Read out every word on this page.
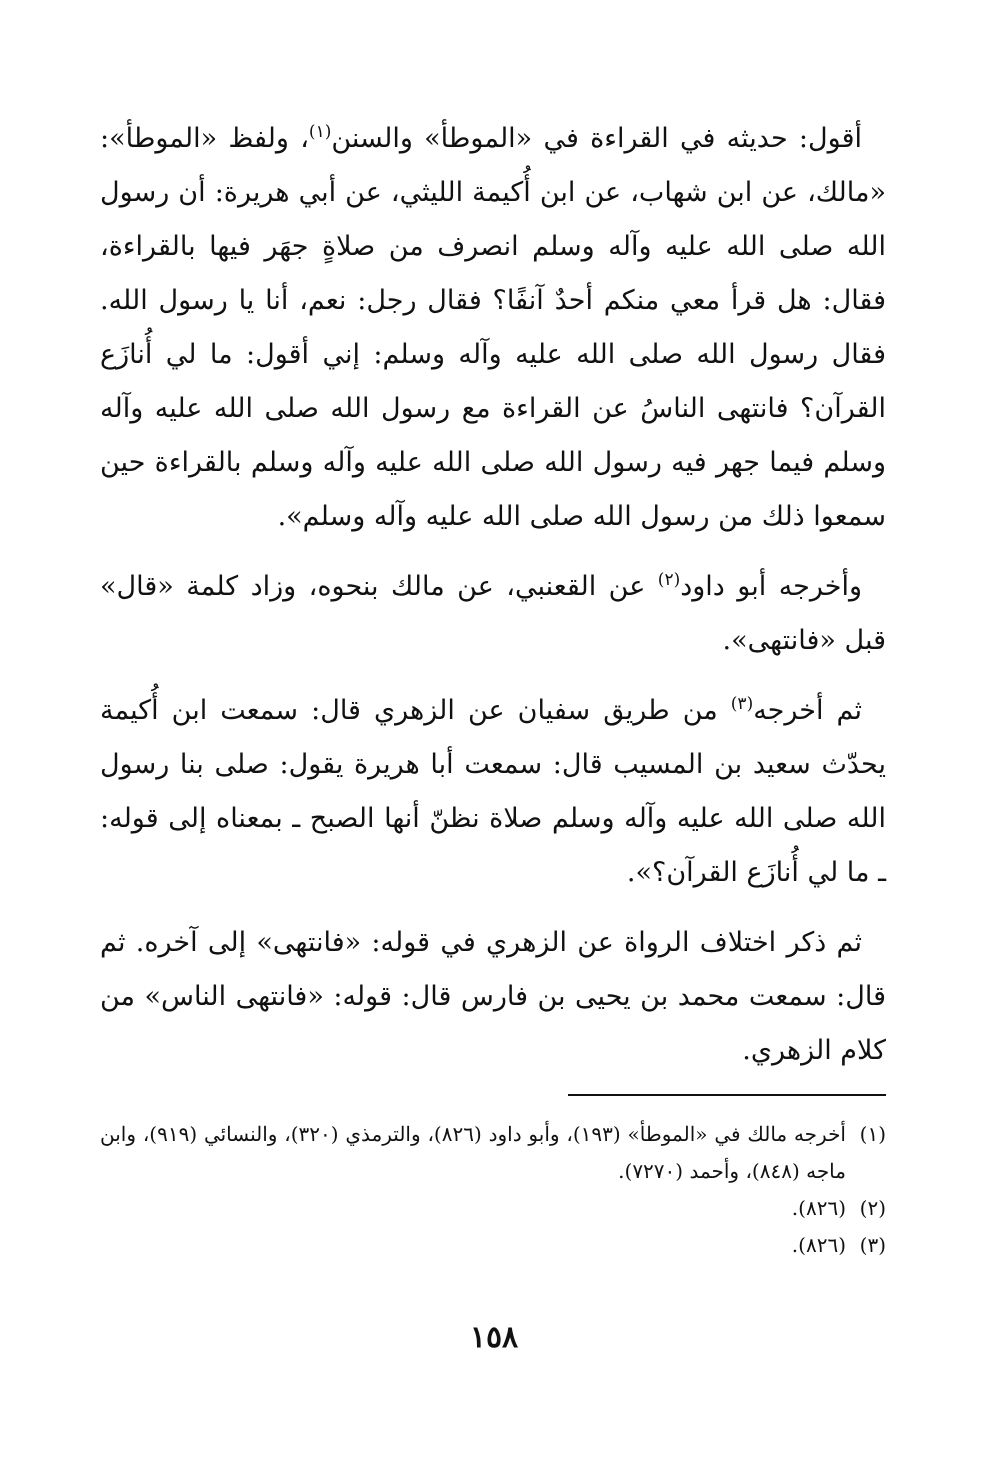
أقول: حديثه في القراءة في «الموطأ» والسنن$^{(١)}$، ولفظ «الموطأ»: «مالك، عن ابن شهاب، عن ابن أُكيمة الليثي، عن أبي هريرة: أن رسول الله صلى الله عليه وآله وسلم انصرف من صلاةٍ جهَر فيها بالقراءة، فقال: هل قرأ معي منكم أحدٌ آنفًا؟ فقال رجل: نعم، أنا يا رسول الله. فقال رسول الله صلى الله عليه وآله وسلم: إني أقول: ما لي أُنازَع القرآن؟ فانتهى الناسُ عن القراءة مع رسول الله صلى الله عليه وآله وسلم فيما جهر فيه رسول الله صلى الله عليه وآله وسلم بالقراءة حين سمعوا ذلك من رسول الله صلى الله عليه وآله وسلم».

وأخرجه أبو داود$^{(٢)}$ عن القعنبي، عن مالك بنحوه، وزاد كلمة «قال» قبل «فانتهى».

ثم أخرجه$^{(٣)}$ من طريق سفيان عن الزهري قال: سمعت ابن أُكيمة يحدّث سعيد بن المسيب قال: سمعت أبا هريرة يقول: صلى بنا رسول الله صلى الله عليه وآله وسلم صلاة نظنّ أنها الصبح ـ بمعناه إلى قوله: ـ ما لي أُنازَع القرآن؟».

ثم ذكر اختلاف الرواة عن الزهري في قوله: «فانتهى» إلى آخره. ثم قال: سمعت محمد بن يحيى بن فارس قال: قوله: «فانتهى الناس» من كلام الزهري.

(١)
أخرجه مالك في «الموطأ» (١٩٣)، وأبو داود (٨٢٦)، والترمذي (٣٢٠)، والنسائي (٩١٩)، وابن ماجه (٨٤٨)، وأحمد (٧٢٧٠).
(٢)
(٨٢٦).
(٣)
(٨٢٦).
١٥٨
